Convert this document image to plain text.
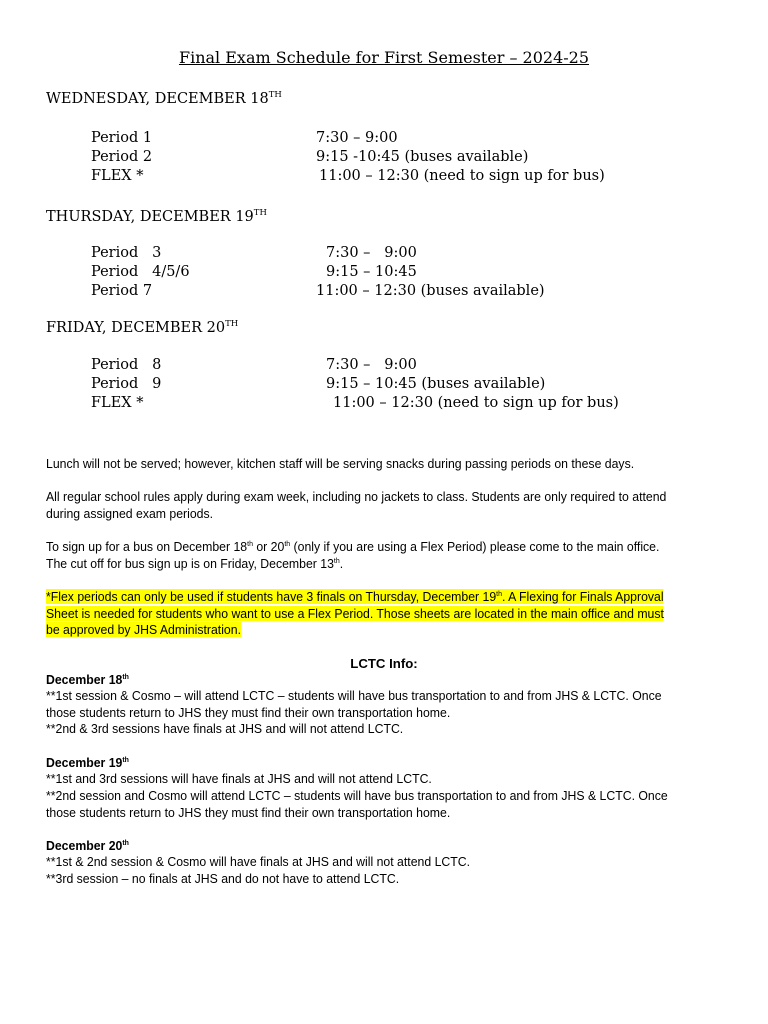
Final Exam Schedule for First Semester – 2024-25
WEDNESDAY, DECEMBER 18TH
Period 1	7:30 – 9:00
Period 2	9:15 -10:45 (buses available)
FLEX *	11:00 – 12:30 (need to sign up for bus)
THURSDAY, DECEMBER 19TH
Period   3	7:30 –   9:00
Period   4/5/6	9:15 – 10:45
Period 7	11:00 – 12:30 (buses available)
FRIDAY, DECEMBER 20TH
Period   8	7:30 –   9:00
Period   9	9:15 – 10:45 (buses available)
FLEX *	11:00 – 12:30 (need to sign up for bus)
Lunch will not be served; however, kitchen staff will be serving snacks during passing periods on these days.
All regular school rules apply during exam week, including no jackets to class. Students are only required to attend during assigned exam periods.
To sign up for a bus on December 18th or 20th (only if you are using a Flex Period) please come to the main office. The cut off for bus sign up is on Friday, December 13th.
*Flex periods can only be used if students have 3 finals on Thursday, December 19th. A Flexing for Finals Approval Sheet is needed for students who want to use a Flex Period. Those sheets are located in the main office and must be approved by JHS Administration.
LCTC Info:
December 18th
**1st session & Cosmo – will attend LCTC – students will have bus transportation to and from JHS & LCTC. Once those students return to JHS they must find their own transportation home.
**2nd & 3rd sessions have finals at JHS and will not attend LCTC.
December 19th
**1st and 3rd sessions will have finals at JHS and will not attend LCTC.
**2nd session and Cosmo will attend LCTC – students will have bus transportation to and from JHS & LCTC. Once those students return to JHS they must find their own transportation home.
December 20th
**1st & 2nd session & Cosmo will have finals at JHS and will not attend LCTC.
**3rd session – no finals at JHS and do not have to attend LCTC.
